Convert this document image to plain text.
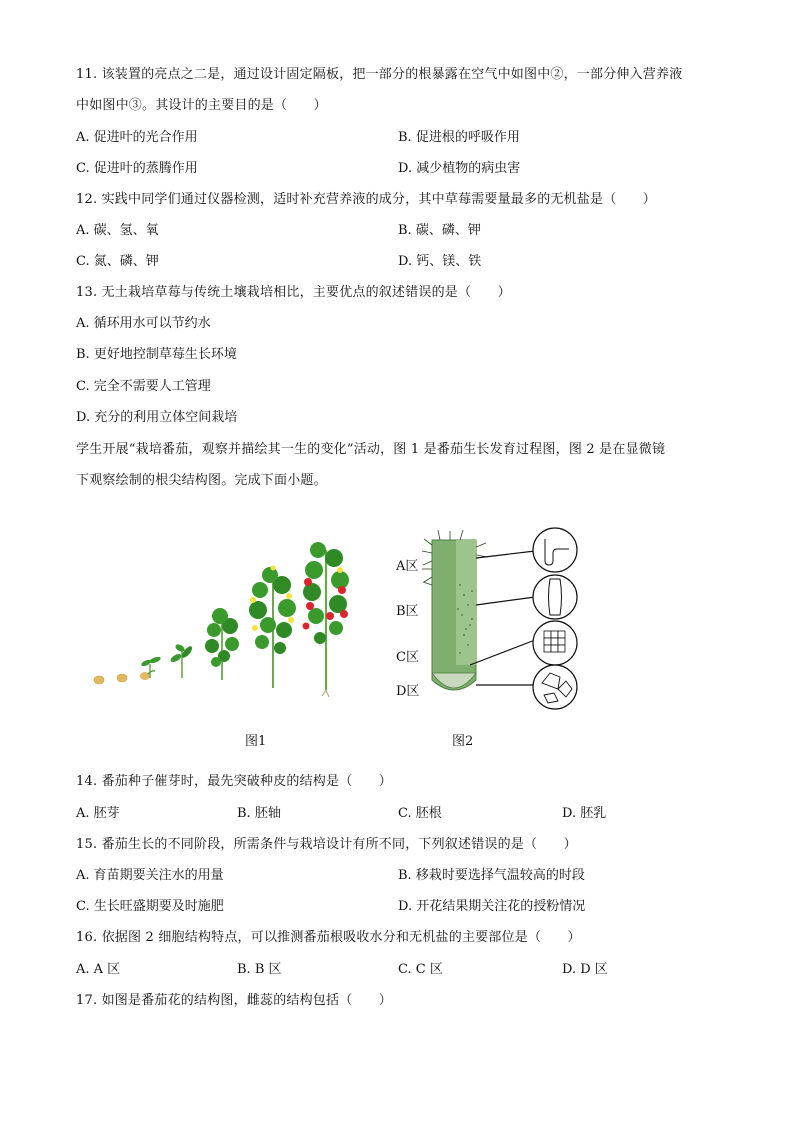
11. 该装置的亮点之二是，通过设计固定隔板，把一部分的根暴露在空气中如图中②，一部分伸入营养液
中如图中③。其设计的主要目的是（　　）
A. 促进叶的光合作用	B. 促进根的呼吸作用
C. 促进叶的蒸腾作用	D. 减少植物的病虫害
12. 实践中同学们通过仪器检测，适时补充营养液的成分，其中草莓需要量最多的无机盐是（　　）
A. 碳、氢、氧	B. 碳、磷、钾
C. 氮、磷、钾	D. 钙、镁、铁
13. 无土栽培草莓与传统土壤栽培相比，主要优点的叙述错误的是（　　）
A. 循环用水可以节约水
B. 更好地控制草莓生长环境
C. 完全不需要人工管理
D. 充分的利用立体空间栽培
学生开展“栽培番茄，观察并描绘其一生的变化”活动，图 1 是番茄生长发育过程图，图 2 是在显微镜
下观察绘制的根尖结构图。完成下面小题。
A区
B区
C区
D区
图1	图2
14. 番茄种子催芽时，最先突破种皮的结构是（　　）
A. 胚芽	B. 胚轴	C. 胚根	D. 胚乳
15. 番茄生长的不同阶段，所需条件与栽培设计有所不同，下列叙述错误的是（　　）
A. 育苗期要关注水的用量	B. 移栽时要选择气温较高的时段
C. 生长旺盛期要及时施肥	D. 开花结果期关注花的授粉情况
16. 依据图 2 细胞结构特点，可以推测番茄根吸收水分和无机盐的主要部位是（　　）
A. A 区	B. B 区	C. C 区	D. D 区
17. 如图是番茄花的结构图，雌蕊的结构包括（　　）
